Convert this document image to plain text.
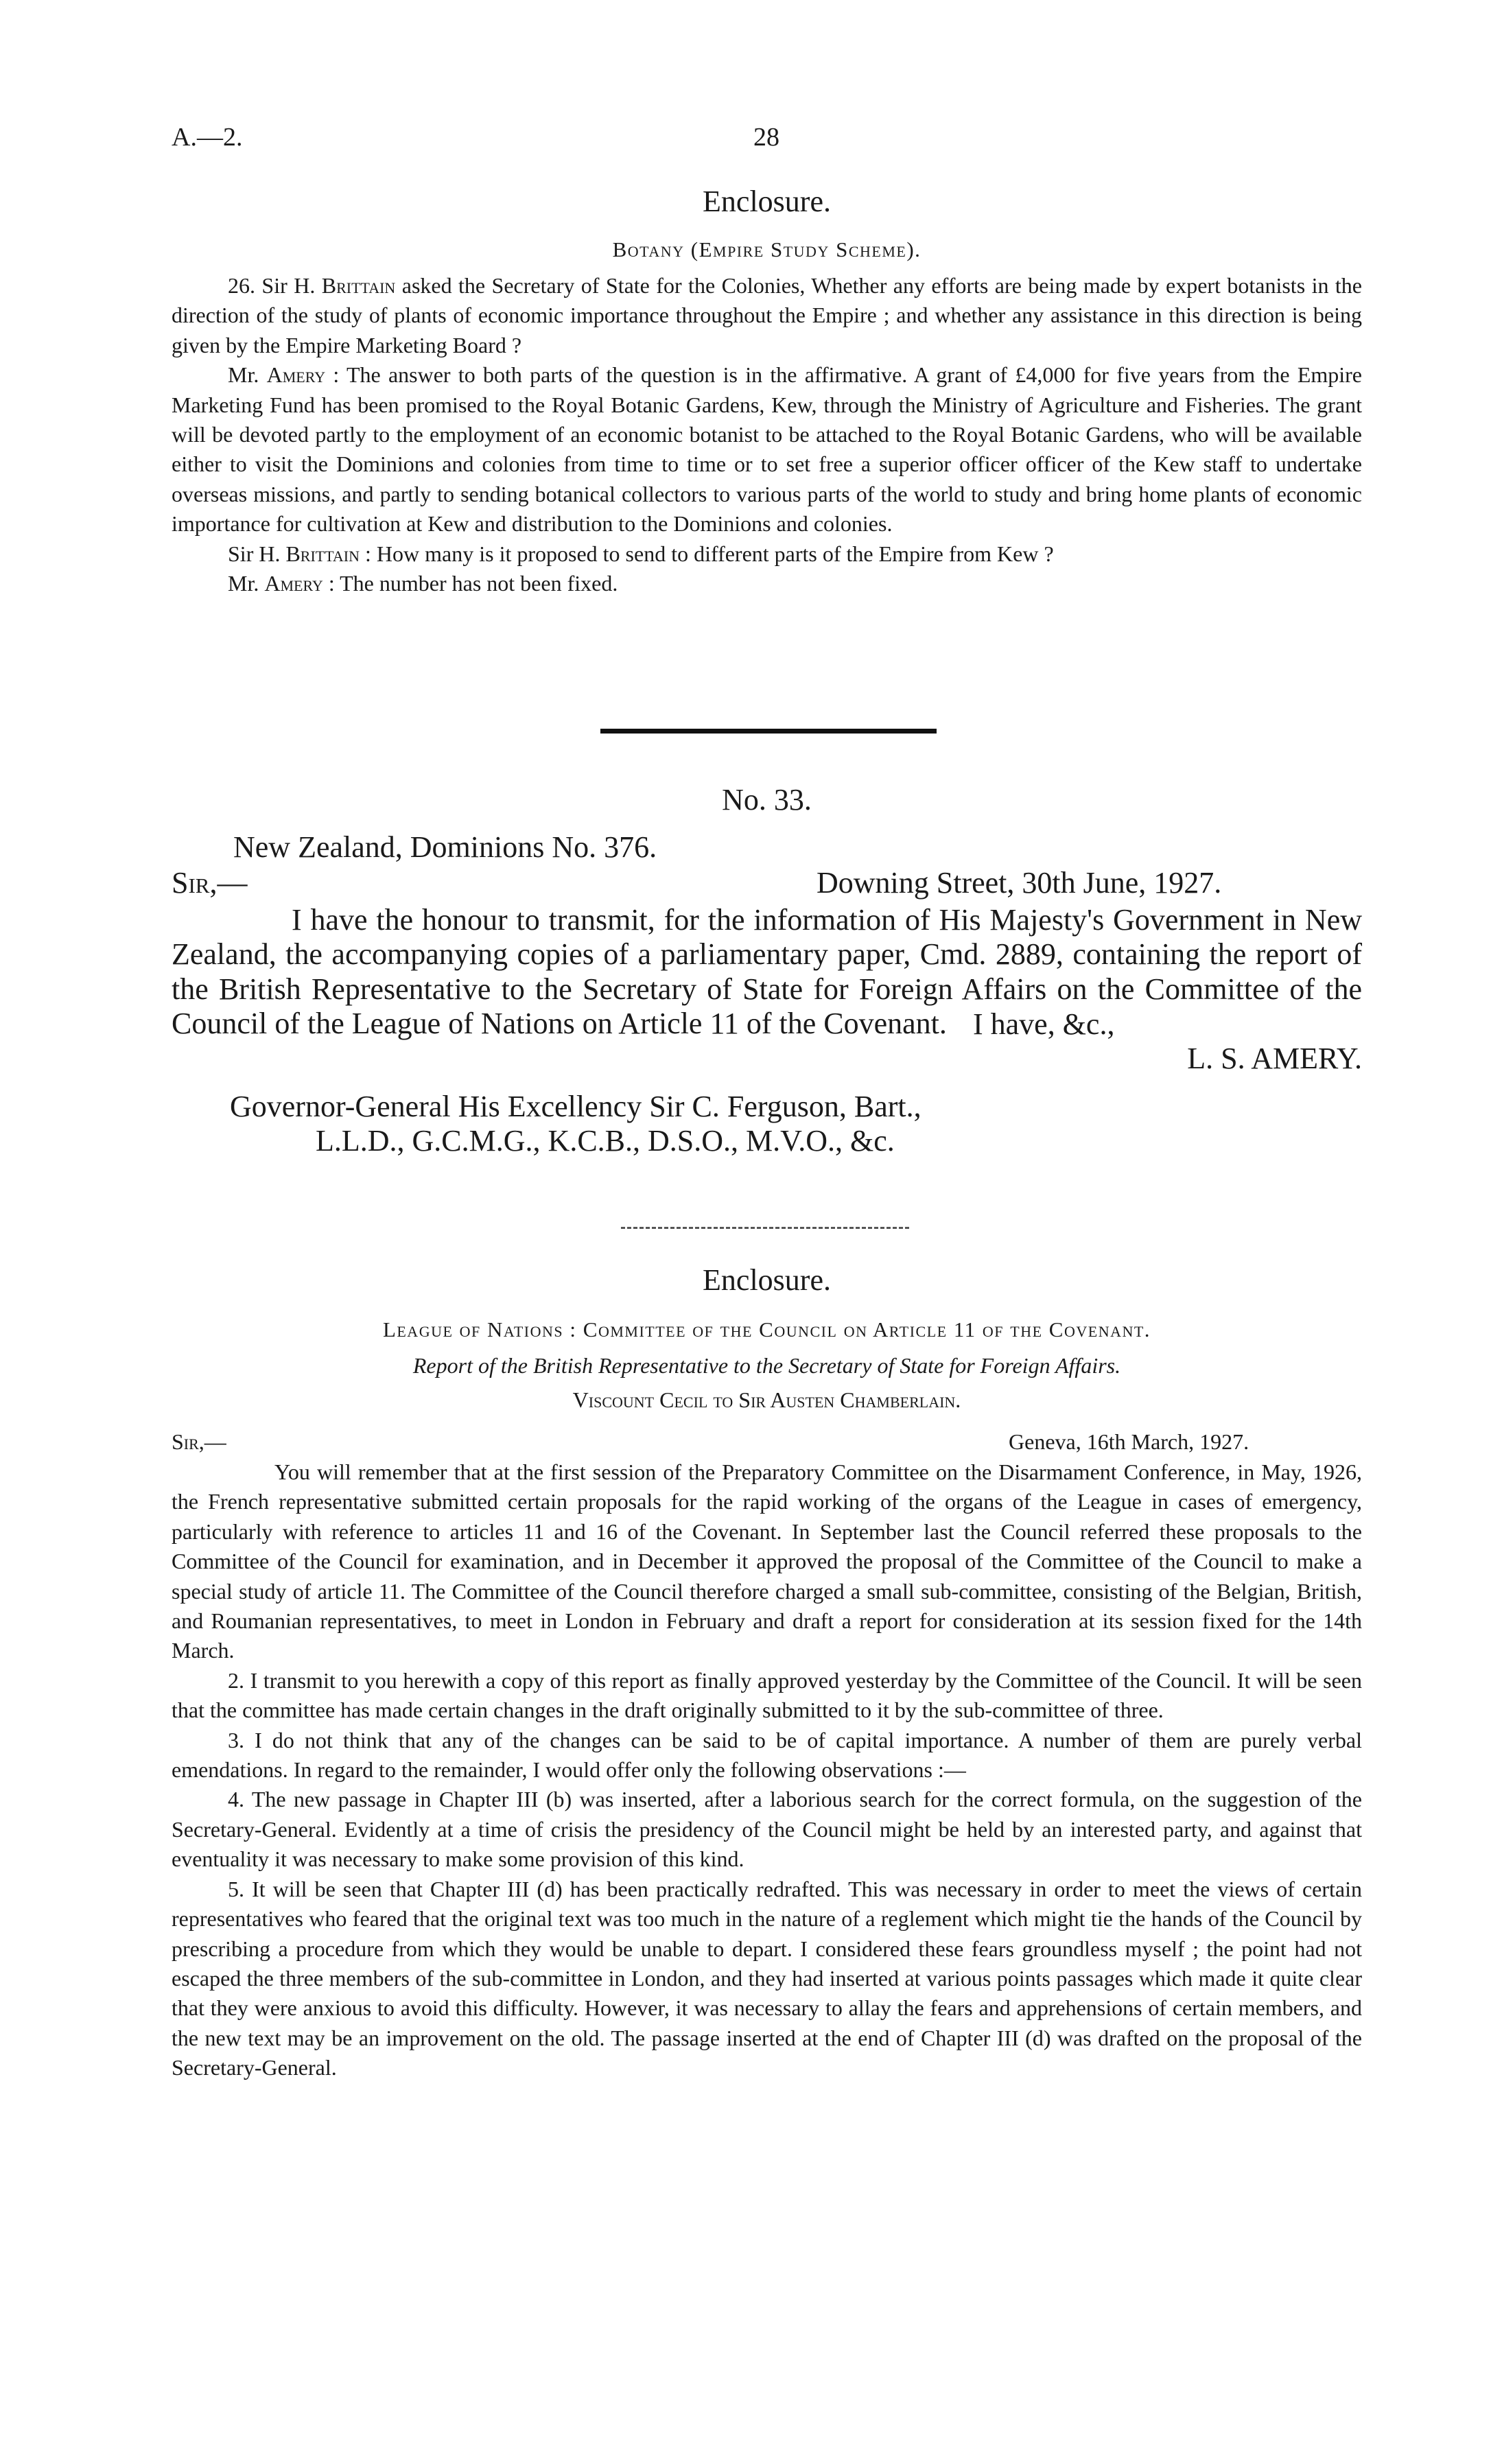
A.—2.	28
Enclosure.
Botany (Empire Study Scheme).

26. Sir H. Brittain asked the Secretary of State for the Colonies, Whether any efforts are being made by expert botanists in the direction of the study of plants of economic importance throughout the Empire ; and whether any assistance in this direction is being given by the Empire Marketing Board ?

Mr. Amery : The answer to both parts of the question is in the affirmative. A grant of £4,000 for five years from the Empire Marketing Fund has been promised to the Royal Botanic Gardens, Kew, through the Ministry of Agriculture and Fisheries. The grant will be devoted partly to the employment of an economic botanist to be attached to the Royal Botanic Gardens, who will be available either to visit the Dominions and colonies from time to time or to set free a superior officer officer of the Kew staff to undertake overseas missions, and partly to sending botanical collectors to various parts of the world to study and bring home plants of economic importance for cultivation at Kew and distribution to the Dominions and colonies.

Sir H. Brittain : How many is it proposed to send to different parts of the Empire from Kew ?

Mr. Amery : The number has not been fixed.

No. 33.
New Zealand, Dominions No. 376.
Sir,—	Downing Street, 30th June, 1927.

I have the honour to transmit, for the information of His Majesty's Government in New Zealand, the accompanying copies of a parliamentary paper, Cmd. 2889, containing the report of the British Representative to the Secretary of State for Foreign Affairs on the Committee of the Council of the League of Nations on Article 11 of the Covenant. I have, &c.,
L. S. AMERY.
Governor-General His Excellency Sir C. Ferguson, Bart.,
L.L.D., G.C.M.G., K.C.B., D.S.O., M.V.O., &c.
Enclosure.
League of Nations : Committee of the Council on Article 11 of the Covenant.
Report of the British Representative to the Secretary of State for Foreign Affairs.
Viscount Cecil to Sir Austen Chamberlain.
Sir,—	Geneva, 16th March, 1927.

You will remember that at the first session of the Preparatory Committee on the Disarmament Conference, in May, 1926, the French representative submitted certain proposals for the rapid working of the organs of the League in cases of emergency, particularly with reference to articles 11 and 16 of the Covenant. In September last the Council referred these proposals to the Committee of the Council for examination, and in December it approved the proposal of the Committee of the Council to make a special study of article 11. The Committee of the Council therefore charged a small sub-committee, consisting of the Belgian, British, and Roumanian representatives, to meet in London in February and draft a report for consideration at its session fixed for the 14th March.

2. I transmit to you herewith a copy of this report as finally approved yesterday by the Committee of the Council. It will be seen that the committee has made certain changes in the draft originally submitted to it by the sub-committee of three.

3. I do not think that any of the changes can be said to be of capital importance. A number of them are purely verbal emendations. In regard to the remainder, I would offer only the following observations :—

4. The new passage in Chapter III (b) was inserted, after a laborious search for the correct formula, on the suggestion of the Secretary-General. Evidently at a time of crisis the presidency of the Council might be held by an interested party, and against that eventuality it was necessary to make some provision of this kind.

5. It will be seen that Chapter III (d) has been practically redrafted. This was necessary in order to meet the views of certain representatives who feared that the original text was too much in the nature of a reglement which might tie the hands of the Council by prescribing a procedure from which they would be unable to depart. I considered these fears groundless myself ; the point had not escaped the three members of the sub-committee in London, and they had inserted at various points passages which made it quite clear that they were anxious to avoid this difficulty. However, it was necessary to allay the fears and apprehensions of certain members, and the new text may be an improvement on the old. The passage inserted at the end of Chapter III (d) was drafted on the proposal of the Secretary-General.
